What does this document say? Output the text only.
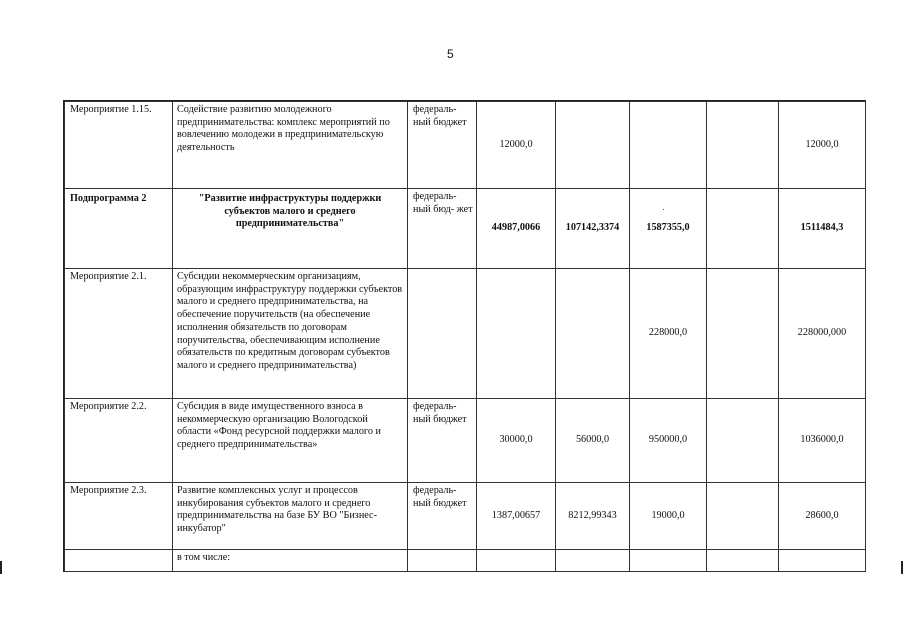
5
Мероприятие 1.15.	Содействие развитию молодежного предпринимательства: комплекс мероприятий по вовлечению молодежи в предпринимательскую деятельность	федераль- ный бюджет	12000,0				12000,0
Подпрограмма 2	"Развитие инфраструктуры поддержки субъектов малого и среднего предпринимательства"	федераль- ный бюд- жет	44987,0066	107142,3374	1587355,0		1511484,3
Мероприятие 2.1.	Субсидии некоммерческим организациям, образующим инфраструктуру поддержки субъектов малого и среднего предпринимательства, на обеспечение поручительств (на обеспечение исполнения обязательств по договорам поручительства, обеспечивающим исполнение обязательств по кредитным договорам субъектов малого и среднего предпринимательства)				228000,0		228000,000
Мероприятие 2.2.	Субсидия в виде имущественного взноса в некоммерческую организацию Вологодской области «Фонд ресурсной поддержки малого и среднего предпринимательства»	федераль- ный бюджет	30000,0	56000,0	950000,0		1036000,0
Мероприятие 2.3.	Развитие комплексных услуг и процессов инкубирования субъектов малого и среднего предпринимательства на базе БУ ВО "Бизнес-инкубатор"	федераль- ный бюджет	1387,00657	8212,99343	19000,0		28600,0
	в том числе:						
